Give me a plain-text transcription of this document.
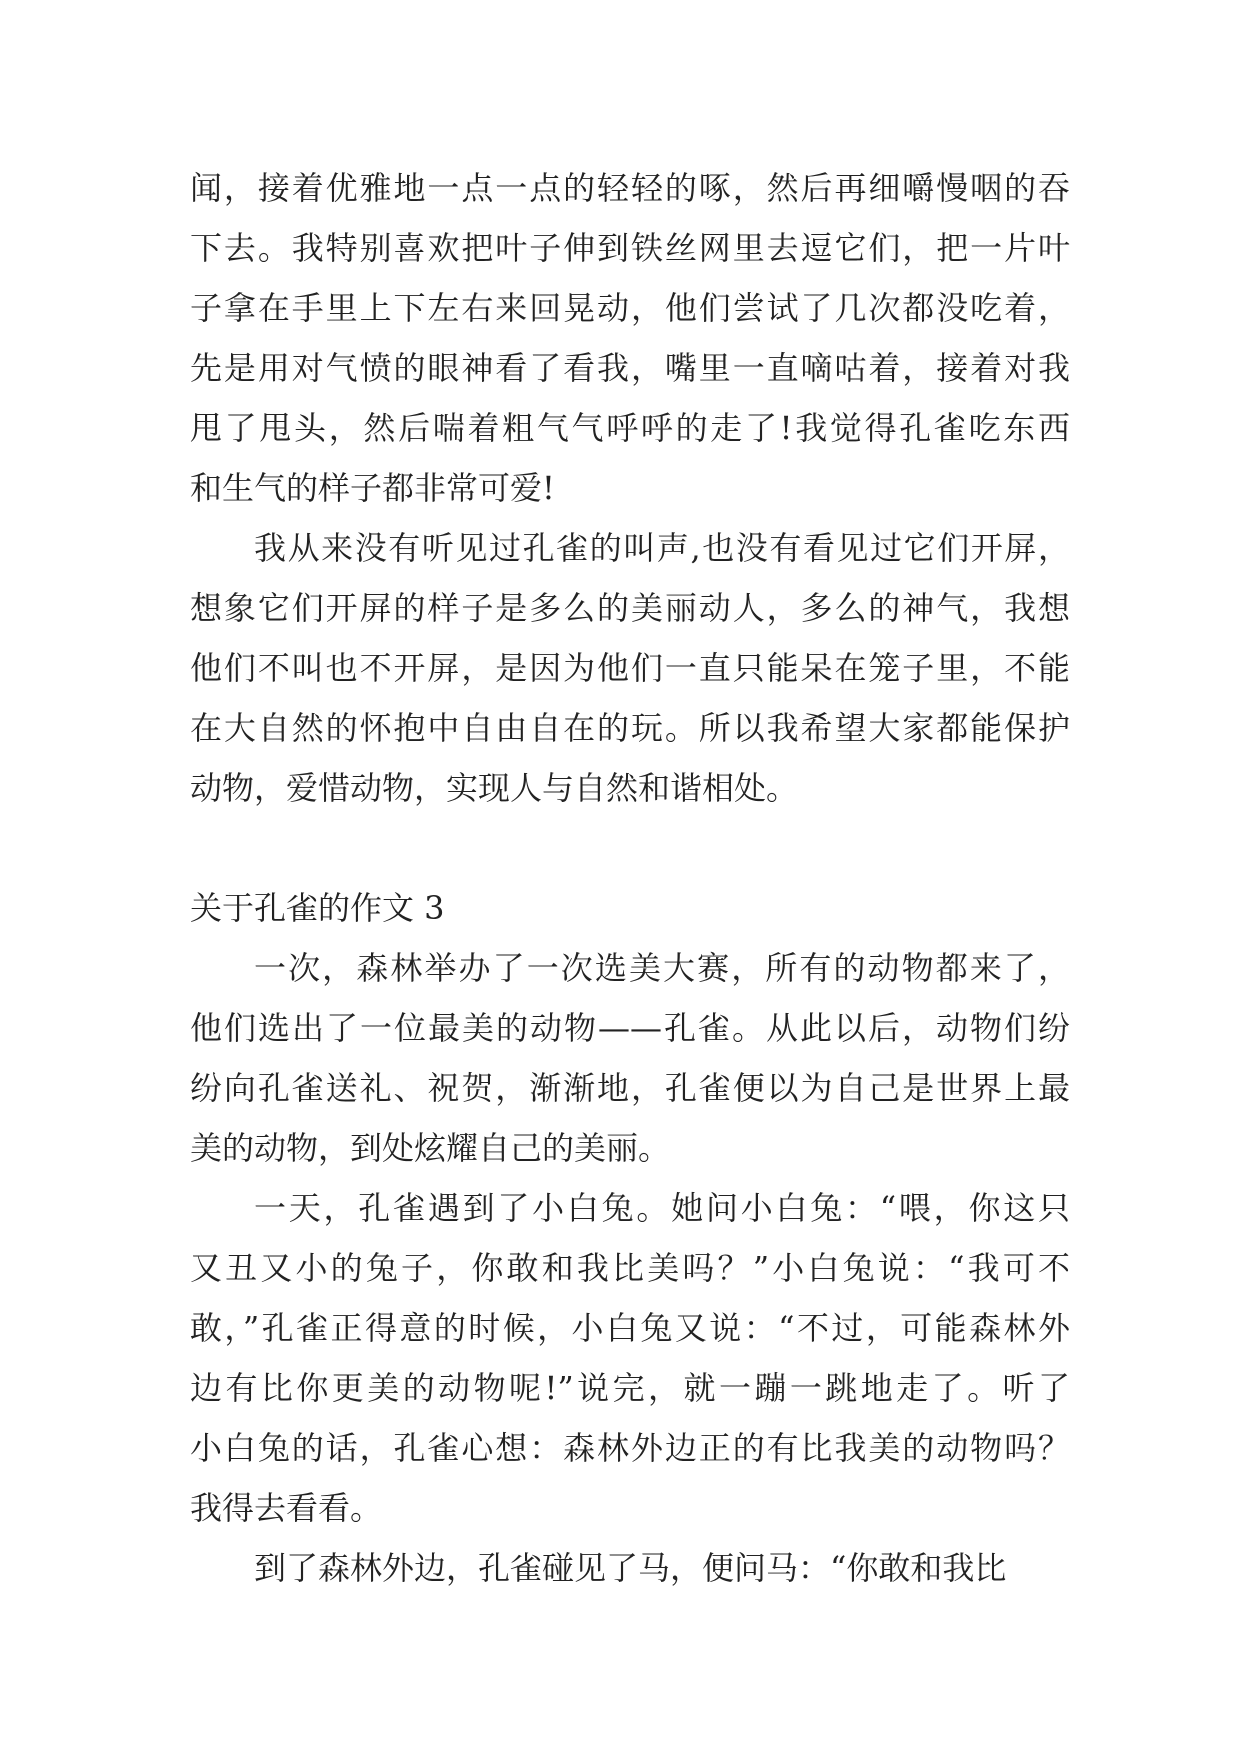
闻，接着优雅地一点一点的轻轻的啄，然后再细嚼慢咽的吞
下去。我特别喜欢把叶子伸到铁丝网里去逗它们，把一片叶
子拿在手里上下左右来回晃动，他们尝试了几次都没吃着，
先是用对气愤的眼神看了看我，嘴里一直嘀咕着，接着对我
甩了甩头，然后喘着粗气气呼呼的走了!我觉得孔雀吃东西
和生气的样子都非常可爱!
我从来没有听见过孔雀的叫声,也没有看见过它们开屏，
想象它们开屏的样子是多么的美丽动人，多么的神气，我想
他们不叫也不开屏，是因为他们一直只能呆在笼子里，不能
在大自然的怀抱中自由自在的玩。所以我希望大家都能保护
动物，爱惜动物，实现人与自然和谐相处。
关于孔雀的作文 3
一次，森林举办了一次选美大赛，所有的动物都来了，
他们选出了一位最美的动物——孔雀。从此以后，动物们纷
纷向孔雀送礼、祝贺，渐渐地，孔雀便以为自己是世界上最
美的动物，到处炫耀自己的美丽。
一天，孔雀遇到了小白兔。她问小白兔：“喂，你这只
又丑又小的兔子，你敢和我比美吗？”小白兔说：“我可不
敢，”孔雀正得意的时候，小白兔又说：“不过，可能森林外
边有比你更美的动物呢!”说完，就一蹦一跳地走了。听了
小白兔的话，孔雀心想：森林外边正的有比我美的动物吗？
我得去看看。
到了森林外边，孔雀碰见了马，便问马：“你敢和我比
